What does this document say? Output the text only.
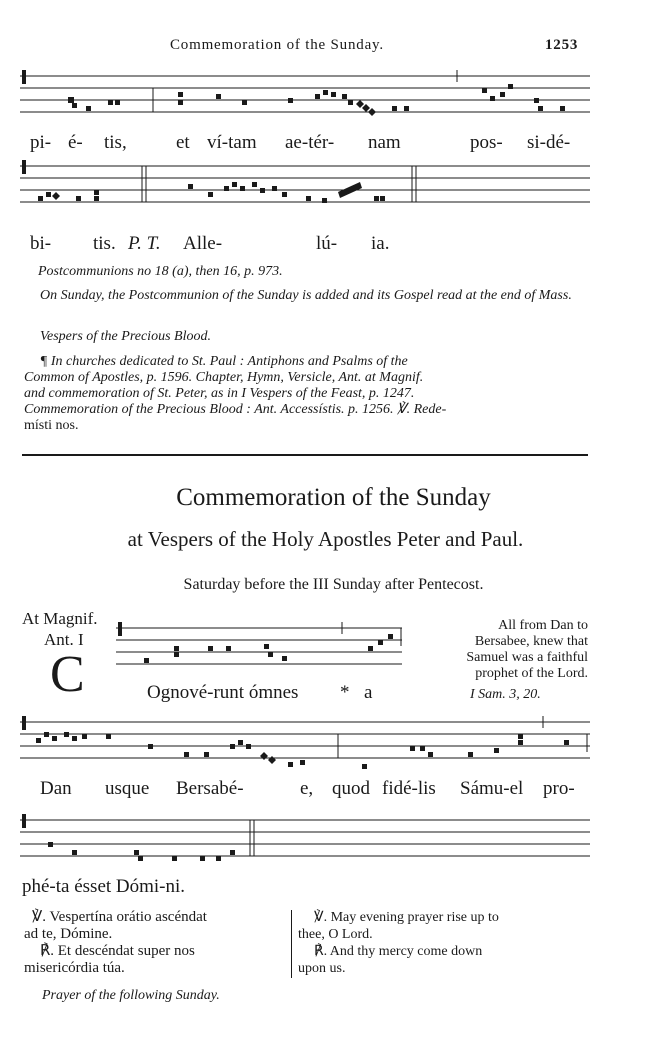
Commemoration of the Sunday.	1253
pi- é- tis,	et ví-tam ae-tér- nam	pos- si-dé-
bi- tis. P. T. Alle-	lú- ia.
Postcommunions no 18 (a), then 16, p. 973.
On Sunday, the Postcommunion of the Sunday is added and its Gospel read at the end of Mass.
Vespers of the Precious Blood.
¶ In churches dedicated to St. Paul : Antiphons and Psalms of the
Common of Apostles, p. 1596. Chapter, Hymn, Versicle, Ant. at Magnif.
and commemoration of St. Peter, as in I Vespers of the Feast, p. 1247.
Commemoration of the Precious Blood : Ant. Accessístis. p. 1256. ℣. Rede-
místi nos.
Commemoration of the Sunday
at Vespers of the Holy Apostles Peter and Paul.
Saturday before the III Sunday after Pentecost.
At Magnif.
Ant. I
C	Ognové-runt ómnes * a
All from Dan to
Bersabee, knew that
Samuel was a faithful
prophet of the Lord.
I Sam. 3, 20.
Dan usque Bersabé-	e, quod fidé-lis Sámu-el pro-
phé-ta ésset Dómi-ni.
℣. Vespertína orátio ascéndat
ad te, Dómine.
℟. Et descéndat super nos
misericórdia túa.
℣. May evening prayer rise up to
thee, O Lord.
℟. And thy mercy come down
upon us.
Prayer of the following Sunday.
